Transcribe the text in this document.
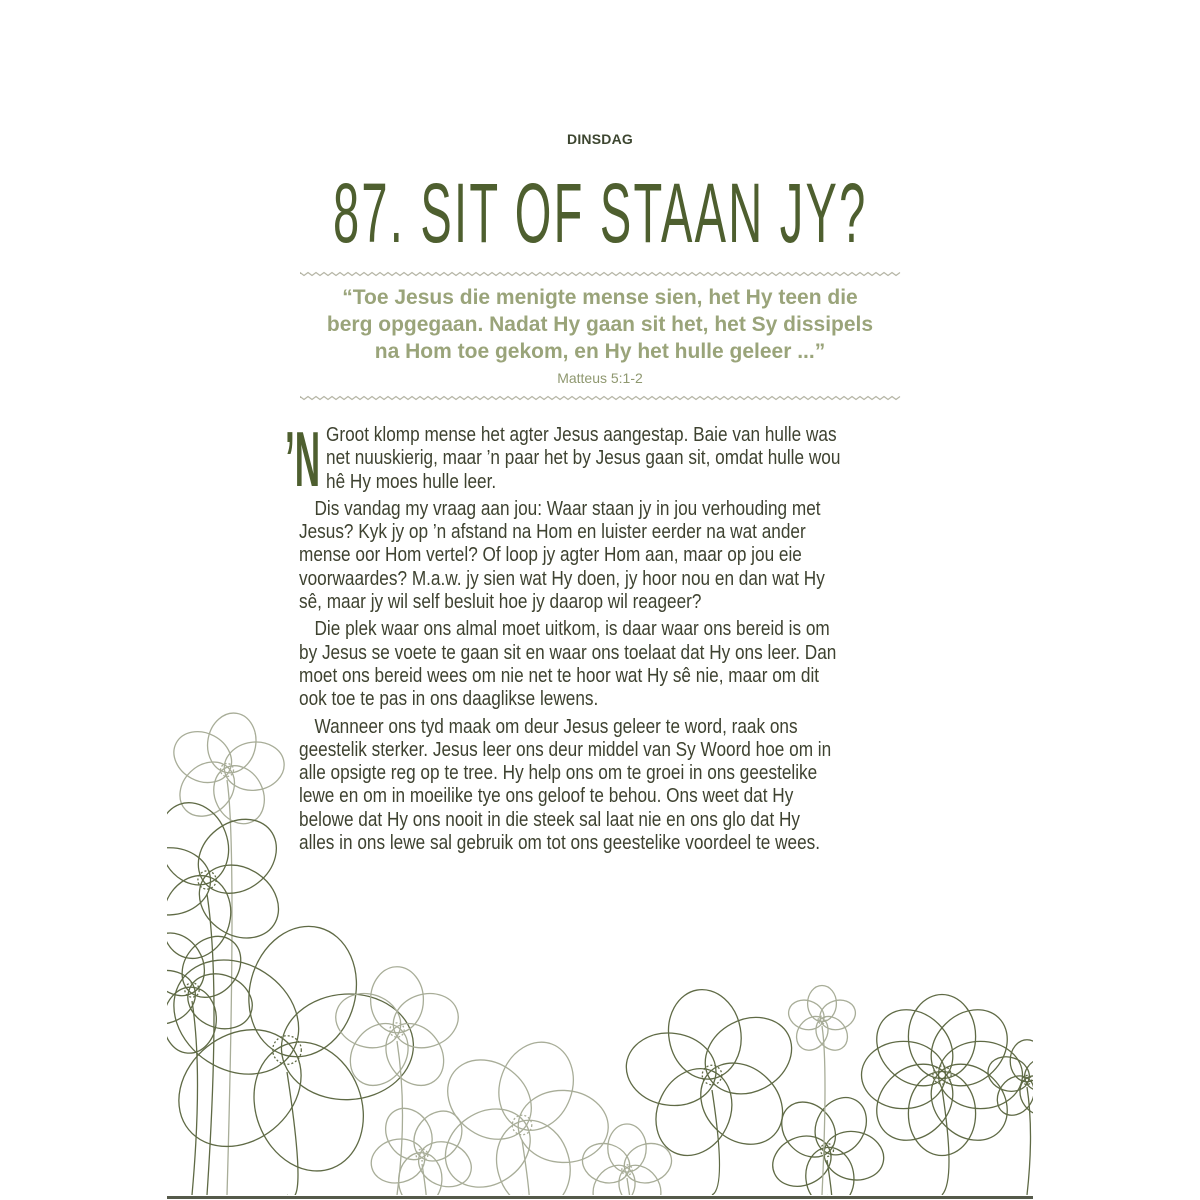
DINSDAG
87. SIT OF STAAN JY?
“Toe Jesus die menigte mense sien, het Hy teen die
berg opgegaan. Nadat Hy gaan sit het, het Sy dissipels
na Hom toe gekom, en Hy het hulle geleer ...”
Matteus 5:1-2
’N Groot klomp mense het agter Jesus aangestap. Baie van hulle was
net nuuskierig, maar ’n paar het by Jesus gaan sit, omdat hulle wou
hê Hy moes hulle leer.
Dis vandag my vraag aan jou: Waar staan jy in jou verhouding met
Jesus? Kyk jy op ’n afstand na Hom en luister eerder na wat ander
mense oor Hom vertel? Of loop jy agter Hom aan, maar op jou eie
voorwaardes? M.a.w. jy sien wat Hy doen, jy hoor nou en dan wat Hy
sê, maar jy wil self besluit hoe jy daarop wil reageer?
Die plek waar ons almal moet uitkom, is daar waar ons bereid is om
by Jesus se voete te gaan sit en waar ons toelaat dat Hy ons leer. Dan
moet ons bereid wees om nie net te hoor wat Hy sê nie, maar om dit
ook toe te pas in ons daaglikse lewens.
Wanneer ons tyd maak om deur Jesus geleer te word, raak ons
geestelik sterker. Jesus leer ons deur middel van Sy Woord hoe om in
alle opsigte reg op te tree. Hy help ons om te groei in ons geestelike
lewe en om in moeilike tye ons geloof te behou. Ons weet dat Hy
belowe dat Hy ons nooit in die steek sal laat nie en ons glo dat Hy
alles in ons lewe sal gebruik om tot ons geestelike voordeel te wees.
